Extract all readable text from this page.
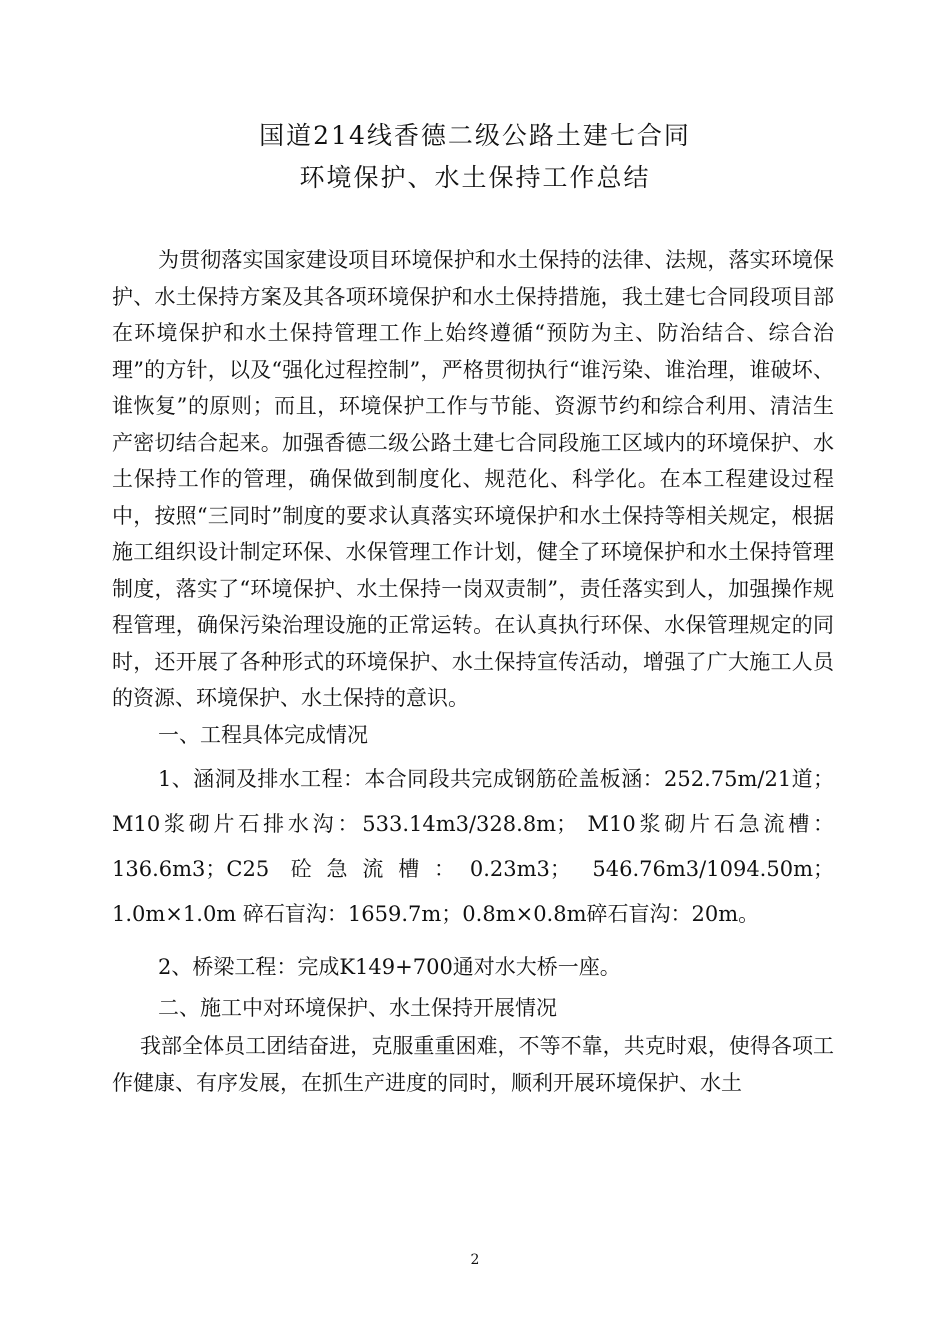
国道214线香德二级公路土建七合同
环境保护、水土保持工作总结

为贯彻落实国家建设项目环境保护和水土保持的法律、法规，落实环境保护、水土保持方案及其各项环境保护和水土保持措施，我土建七合同段项目部在环境保护和水土保持管理工作上始终遵循“预防为主、防治结合、综合治理”的方针，以及“强化过程控制”，严格贯彻执行“谁污染、谁治理，谁破坏、谁恢复”的原则；而且，环境保护工作与节能、资源节约和综合利用、清洁生产密切结合起来。加强香德二级公路土建七合同段施工区域内的环境保护、水土保持工作的管理，确保做到制度化、规范化、科学化。在本工程建设过程中，按照“三同时”制度的要求认真落实环境保护和水土保持等相关规定，根据施工组织设计制定环保、水保管理工作计划，健全了环境保护和水土保持管理制度，落实了“环境保护、水土保持一岗双责制”，责任落实到人，加强操作规程管理，确保污染治理设施的正常运转。在认真执行环保、水保管理规定的同时，还开展了各种形式的环境保护、水土保持宣传活动，增强了广大施工人员的资源、环境保护、水土保持的意识。

一、工程具体完成情况

1、涵洞及排水工程：本合同段共完成钢筋砼盖板涵：252.75m/21道；M10浆砌片石排水沟：533.14m3/328.8m； M10浆砌片石急流槽：136.6m3；C25 砼急流槽：0.23m3； 546.76m3/1094.50m；1.0m×1.0m 碎石盲沟：1659.7m；0.8m×0.8m碎石盲沟：20m。

2、桥梁工程：完成K149+700通对水大桥一座。

二、施工中对环境保护、水土保持开展情况

我部全体员工团结奋进，克服重重困难，不等不靠，共克时艰，使得各项工作健康、有序发展，在抓生产进度的同时，顺利开展环境保护、水土

2
